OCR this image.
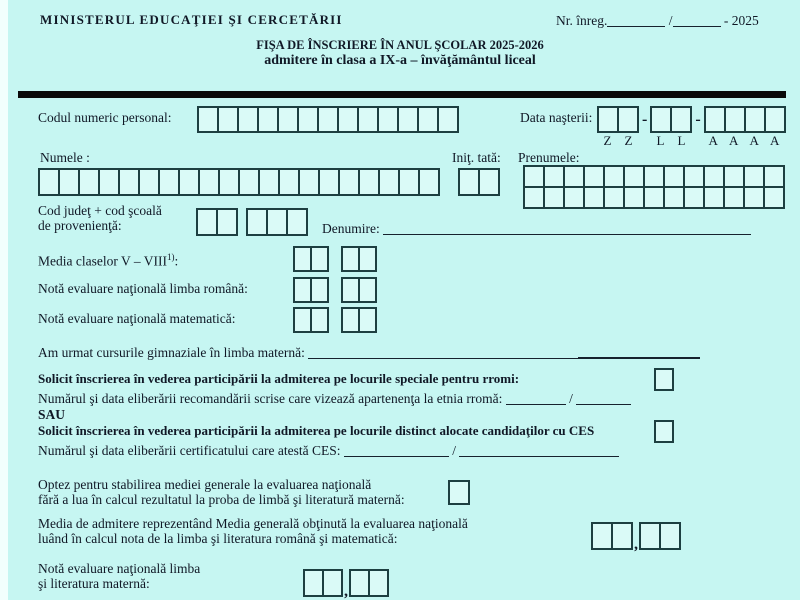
MINISTERUL EDUCAŢIEI ŞI CERCETĂRII	Nr. înreg.	/	- 2025
FIŞA DE ÎNSCRIERE ÎN ANUL ŞCOLAR 2025-2026
admitere în clasa a IX-a – învăţământul liceal
Codul numeric personal:	Data naşterii:	-	-
Z	Z	L	L	A A A A
Numele :	Iniţ. tată: Prenumele:
Cod judeţ + cod şcoală
de provenienţă:	Denumire:
Media claselor V – VIII$^{1)}$:
Notă evaluare naţională limba română:
Notă evaluare naţională matematică:
Am urmat cursurile gimnaziale în limba maternă:
Solicit înscrierea în vederea participării la admiterea pe locurile speciale pentru rromi:
Numărul şi data eliberării recomandării scrise care vizează apartenenţa la etnia rromă:	/
SAU
Solicit înscrierea în vederea participării la admiterea pe locurile distinct alocate candidaţilor cu CES
Numărul şi data eliberării certificatului care atestă CES:	/
Optez pentru stabilirea mediei generale la evaluarea naţională
fără a lua în calcul rezultatul la proba de limbă şi literatură maternă:
Media de admitere reprezentând Media generală obţinută la evaluarea naţională
luând în calcul nota de la limba şi literatura română şi matematică:	,
Notă evaluare naţională limba
şi literatura maternă:	,
